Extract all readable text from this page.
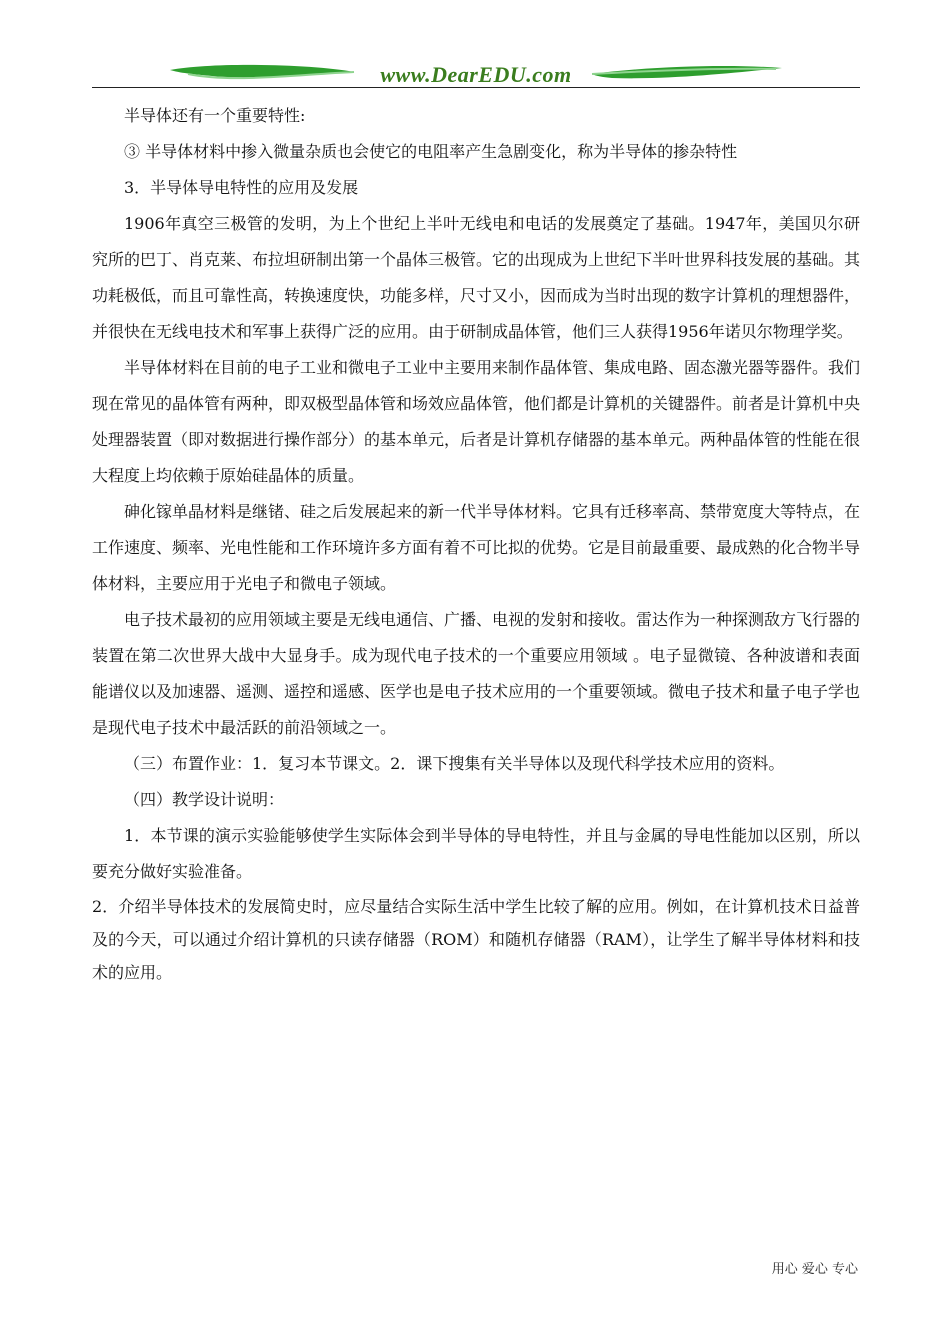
www.DearEDU.com

半导体还有一个重要特性:

③ 半导体材料中掺入微量杂质也会使它的电阻率产生急剧变化，称为半导体的掺杂特性

3．半导体导电特性的应用及发展

1906年真空三极管的发明，为上个世纪上半叶无线电和电话的发展奠定了基础。1947年，美国贝尔研究所的巴丁、肖克莱、布拉坦研制出第一个晶体三极管。它的出现成为上世纪下半叶世界科技发展的基础。其功耗极低，而且可靠性高，转换速度快，功能多样，尺寸又小，因而成为当时出现的数字计算机的理想器件，并很快在无线电技术和军事上获得广泛的应用。由于研制成晶体管，他们三人获得1956年诺贝尔物理学奖。

半导体材料在目前的电子工业和微电子工业中主要用来制作晶体管、集成电路、固态激光器等器件。我们现在常见的晶体管有两种，即双极型晶体管和场效应晶体管，他们都是计算机的关键器件。前者是计算机中央处理器装置（即对数据进行操作部分）的基本单元，后者是计算机存储器的基本单元。两种晶体管的性能在很大程度上均依赖于原始硅晶体的质量。

砷化镓单晶材料是继锗、硅之后发展起来的新一代半导体材料。它具有迁移率高、禁带宽度大等特点，在工作速度、频率、光电性能和工作环境许多方面有着不可比拟的优势。它是目前最重要、最成熟的化合物半导体材料，主要应用于光电子和微电子领域。

电子技术最初的应用领域主要是无线电通信、广播、电视的发射和接收。雷达作为一种探测敌方飞行器的装置在第二次世界大战中大显身手。成为现代电子技术的一个重要应用领域 。电子显微镜、各种波谱和表面能谱仪以及加速器、遥测、遥控和遥感、医学也是电子技术应用的一个重要领域。微电子技术和量子电子学也是现代电子技术中最活跃的前沿领域之一。

（三）布置作业：1．复习本节课文。2．课下搜集有关半导体以及现代科学技术应用的资料。

（四）教学设计说明：

1．本节课的演示实验能够使学生实际体会到半导体的导电特性，并且与金属的导电性能加以区别，所以要充分做好实验准备。

2．介绍半导体技术的发展简史时，应尽量结合实际生活中学生比较了解的应用。例如，在计算机技术日益普及的今天，可以通过介绍计算机的只读存储器（ROM）和随机存储器（RAM），让学生了解半导体材料和技术的应用。

用心 爱心 专心
